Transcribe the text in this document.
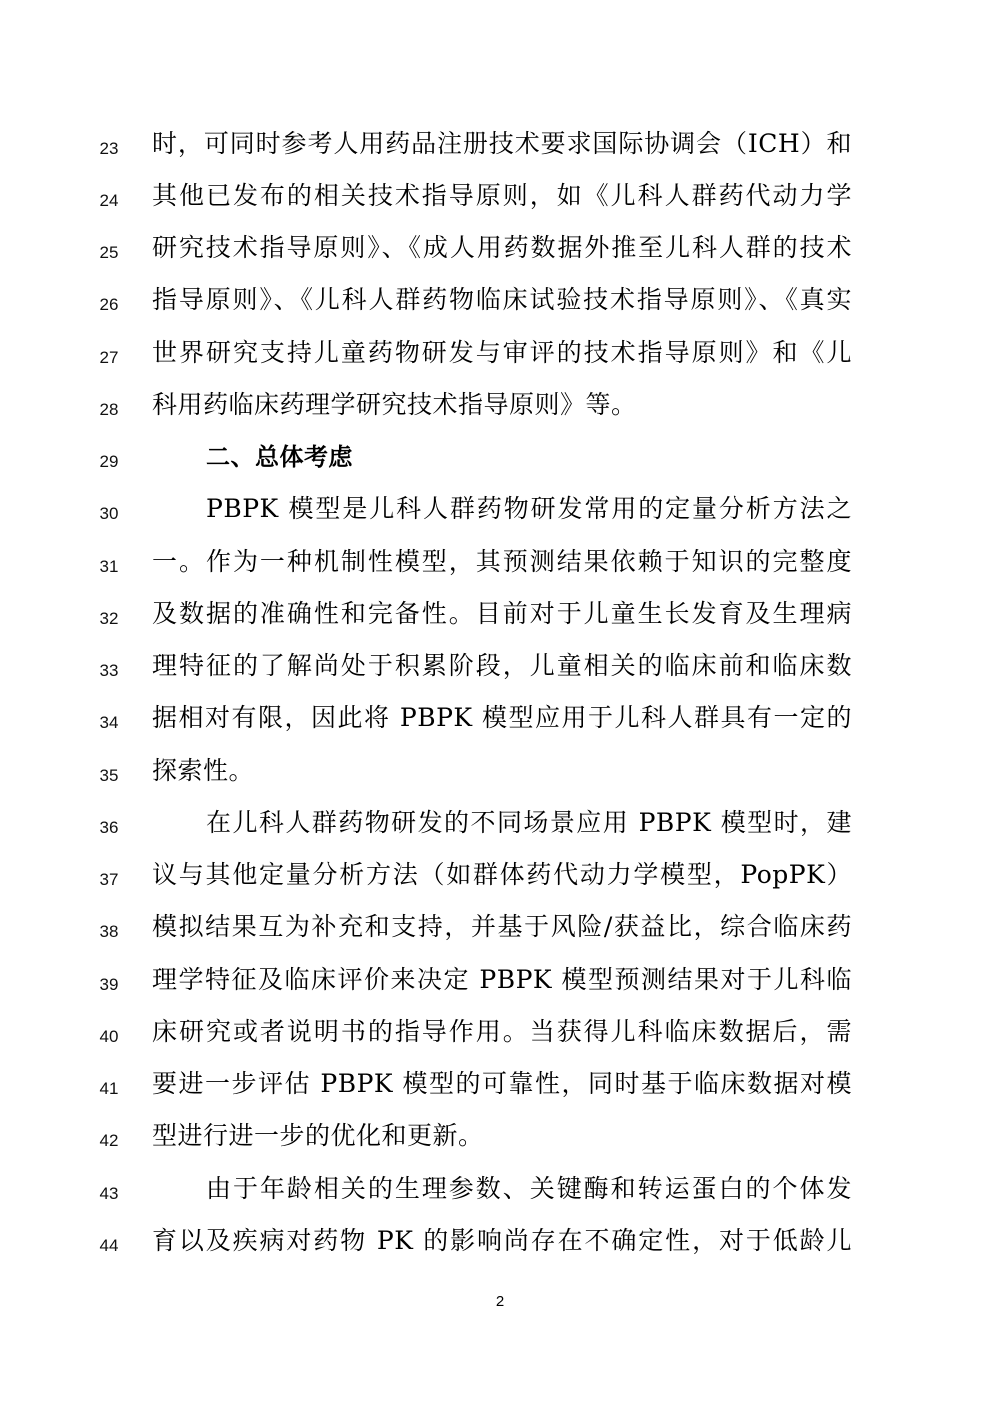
23	时，可同时参考人用药品注册技术要求国际协调会（ICH）和
24	其他已发布的相关技术指导原则，如《儿科人群药代动力学
25	研究技术指导原则》、《成人用药数据外推至儿科人群的技术
26	指导原则》、《儿科人群药物临床试验技术指导原则》、《真实
27	世界研究支持儿童药物研发与审评的技术指导原则》和《儿
28	科用药临床药理学研究技术指导原则》等。
29	二、总体考虑
30	PBPK 模型是儿科人群药物研发常用的定量分析方法之
31	一。作为一种机制性模型，其预测结果依赖于知识的完整度
32	及数据的准确性和完备性。目前对于儿童生长发育及生理病
33	理特征的了解尚处于积累阶段，儿童相关的临床前和临床数
34	据相对有限，因此将 PBPK 模型应用于儿科人群具有一定的
35	探索性。
36	在儿科人群药物研发的不同场景应用 PBPK 模型时，建
37	议与其他定量分析方法（如群体药代动力学模型，PopPK）
38	模拟结果互为补充和支持，并基于风险/获益比，综合临床药
39	理学特征及临床评价来决定 PBPK 模型预测结果对于儿科临
40	床研究或者说明书的指导作用。当获得儿科临床数据后，需
41	要进一步评估 PBPK 模型的可靠性，同时基于临床数据对模
42	型进行进一步的优化和更新。
43	由于年龄相关的生理参数、关键酶和转运蛋白的个体发
44	育以及疾病对药物 PK 的影响尚存在不确定性，对于低龄儿
2
